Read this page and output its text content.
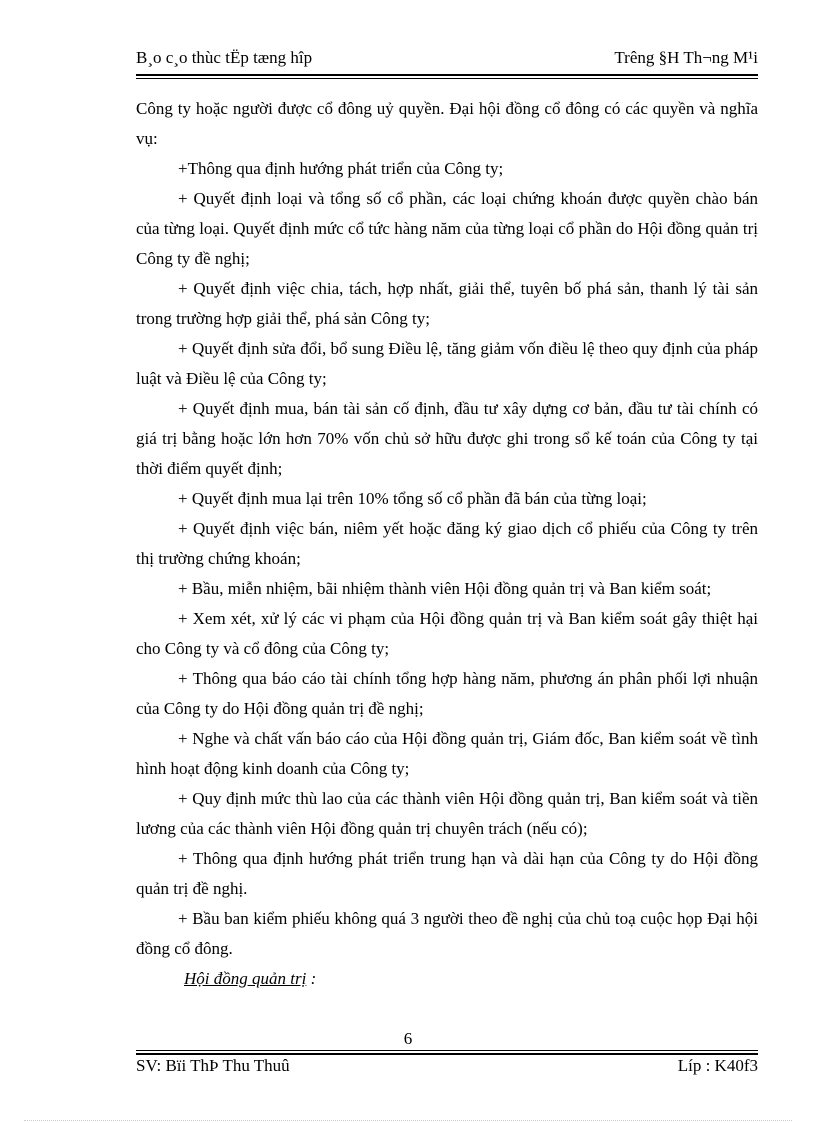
B¸o c¸o thùc tËp tæng hîp	Trêng §H Th¬ng M¹i

Công ty hoặc người được cổ đông uỷ quyền. Đại hội đồng cổ đông có các quyền và nghĩa vụ:

+Thông qua định hướng phát triển của Công ty;

+ Quyết định loại và tổng số cổ phần, các loại chứng khoán được quyền chào bán của từng loại. Quyết định mức cổ tức hàng năm của từng loại cổ phần do Hội đồng quản trị Công ty đề nghị;

+ Quyết định việc chia, tách, hợp nhất, giải thể, tuyên bố phá sản, thanh lý tài sản trong trường hợp giải thể, phá sản Công ty;

+ Quyết định sửa đổi, bổ sung Điều lệ, tăng giảm vốn điều lệ theo quy định của pháp luật và Điều lệ của Công ty;

+ Quyết định mua, bán tài sản cố định, đầu tư xây dựng cơ bản, đầu tư tài chính có giá trị bằng hoặc lớn hơn 70% vốn chủ sở hữu được ghi trong sổ kế toán của Công ty tại thời điểm quyết định;

+ Quyết định mua lại trên 10% tổng số cổ phần đã bán của từng loại;

+ Quyết định việc bán, niêm yết hoặc đăng ký giao dịch cổ phiếu của Công ty trên thị trường chứng khoán;

+ Bầu, miễn nhiệm, bãi nhiệm thành viên Hội đồng quản trị và Ban kiểm soát;

+ Xem xét, xử lý các vi phạm của Hội đồng quản trị và Ban kiểm soát gây thiệt hại cho Công ty và cổ đông của Công ty;

+ Thông qua báo cáo tài chính tổng hợp hàng năm, phương án phân phối lợi nhuận của Công ty do Hội đồng quản trị đề nghị;

+ Nghe và chất vấn báo cáo của Hội đồng quản trị, Giám đốc, Ban kiểm soát về tình hình hoạt động kinh doanh của Công ty;

+ Quy định mức thù lao của các thành viên Hội đồng quản trị, Ban kiểm soát và tiền lương của các thành viên Hội đồng quản trị chuyên trách (nếu có);

+ Thông qua định hướng phát triển trung hạn và dài hạn của Công ty do Hội đồng quản trị đề nghị.

+ Bầu ban kiểm phiếu không quá 3 người theo đề nghị của chủ toạ cuộc họp Đại hội đồng cổ đông.

Hội đồng quản trị :

6
SV: Bïi ThÞ Thu Thuû	Líp : K40f3
